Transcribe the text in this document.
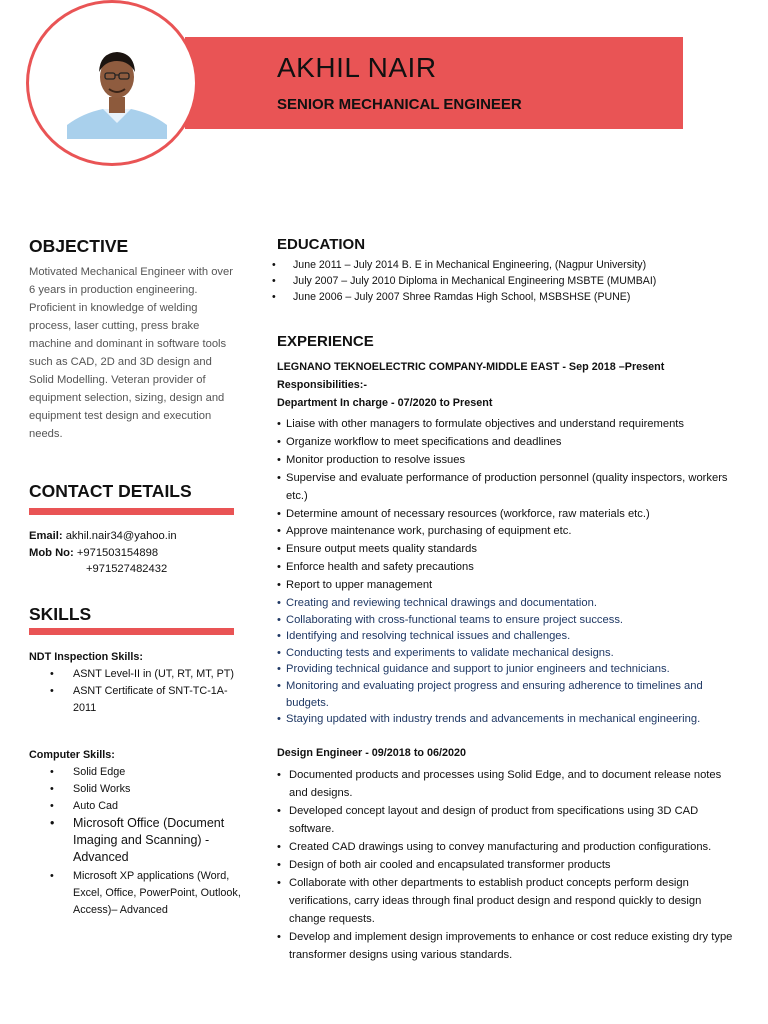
AKHIL NAIR
SENIOR MECHANICAL ENGINEER
OBJECTIVE
Motivated Mechanical Engineer with over 6 years in production engineering. Proficient in knowledge of welding process, laser cutting, press brake machine and dominant in software tools such as CAD, 2D and 3D design and Solid Modelling. Veteran provider of equipment selection, sizing, design and equipment test design and execution needs.
CONTACT DETAILS
Email: akhil.nair34@yahoo.in
Mob No: +971503154898
+971527482432
SKILLS
NDT Inspection Skills:
• ASNT Level-II in (UT, RT, MT, PT)
• ASNT Certificate of SNT-TC-1A-2011
Computer Skills:
• Solid Edge
• Solid Works
• Auto Cad
• Microsoft Office (Document Imaging and Scanning) - Advanced
• Microsoft XP applications (Word, Excel, Office, PowerPoint, Outlook, Access)– Advanced
EDUCATION
• June 2011 – July 2014 B. E in Mechanical Engineering, (Nagpur University)
• July 2007 – July 2010 Diploma in Mechanical Engineering MSBTE (MUMBAI)
• June 2006 – July 2007 Shree Ramdas High School, MSBSHSE (PUNE)
EXPERIENCE
LEGNANO TEKNOELECTRIC COMPANY-MIDDLE EAST - Sep 2018 –Present
Responsibilities:-
Department In charge - 07/2020 to Present
• Liaise with other managers to formulate objectives and understand requirements
• Organize workflow to meet specifications and deadlines
• Monitor production to resolve issues
• Supervise and evaluate performance of production personnel (quality inspectors, workers etc.)
• Determine amount of necessary resources (workforce, raw materials etc.)
• Approve maintenance work, purchasing of equipment etc.
• Ensure output meets quality standards
• Enforce health and safety precautions
• Report to upper management
• Creating and reviewing technical drawings and documentation.
• Collaborating with cross-functional teams to ensure project success.
• Identifying and resolving technical issues and challenges.
• Conducting tests and experiments to validate mechanical designs.
• Providing technical guidance and support to junior engineers and technicians.
• Monitoring and evaluating project progress and ensuring adherence to timelines and budgets.
• Staying updated with industry trends and advancements in mechanical engineering.
Design Engineer - 09/2018 to 06/2020
• Documented products and processes using Solid Edge, and to document release notes and designs.
• Developed concept layout and design of product from specifications using 3D CAD software.
• Created CAD drawings using to convey manufacturing and production configurations.
• Design of both air cooled and encapsulated transformer products
• Collaborate with other departments to establish product concepts perform design verifications, carry ideas through final product design and respond quickly to design change requests.
• Develop and implement design improvements to enhance or cost reduce existing dry type transformer designs using various standards.
